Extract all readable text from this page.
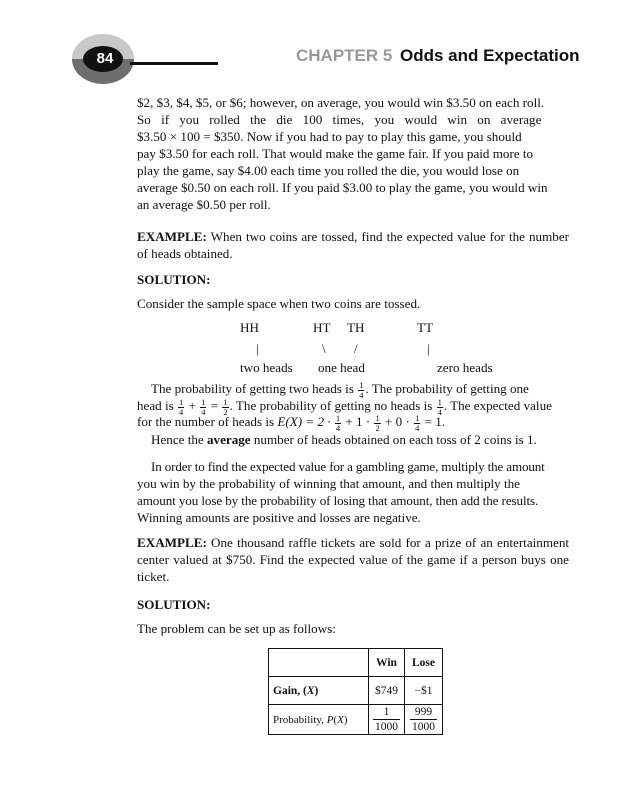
84	CHAPTER 5 Odds and Expectation

$2, $3, $4, $5, or $6; however, on average, you would win $3.50 on each roll.

So if you rolled the die 100 times, you would win on average

$3.50 × 100 = $350. Now if you had to pay to play this game, you should

pay $3.50 for each roll. That would make the game fair. If you paid more to

play the game, say $4.00 each time you rolled the die, you would lose on

average $0.50 on each roll. If you paid $3.00 to play the game, you would win

an average $0.50 per roll.

EXAMPLE: When two coins are tossed, find the expected value for the number of heads obtained.
SOLUTION:
Consider the sample space when two coins are tossed.
HH	HT TH	TT
|	\ /	|
two heads one head	zero heads
The probability of getting two heads is $\frac{1}{4}$ . The probability of getting one
head is $\frac{1}{4} + \frac{1}{4} = \frac{1}{2}$ . The probability of getting no heads is $\frac{1}{4}$ . The expected value
for the number of heads is $E(X) = 2 \cdot \frac{1}{4} + 1 \cdot \frac{1}{2} + 0 \cdot \frac{1}{4} = 1$.
Hence the average number of heads obtained on each toss of 2 coins is 1.

In order to find the expected value for a gambling game, multiply the amount

you win by the probability of winning that amount, and then multiply the

amount you lose by the probability of losing that amount, then add the results.

Winning amounts are positive and losses are negative.

EXAMPLE: One thousand raffle tickets are sold for a prize of an entertainment center valued at $750. Find the expected value of the game if a person buys one ticket.
SOLUTION:
The problem can be set up as follows:
	Win	Lose
Gain, (X)	$749	−$1
Probability, P(X)	$\frac{1}{1000}$	$\frac{999}{1000}$
